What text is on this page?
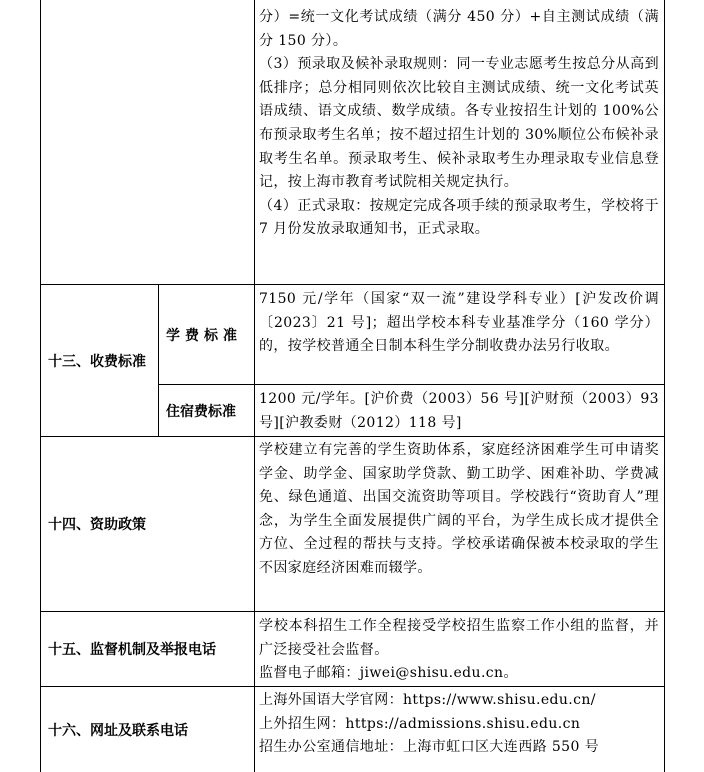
分）=统一文化考试成绩（满分 450 分）+自主测试成绩（满分 150 分）。
（3）预录取及候补录取规则：同一专业志愿考生按总分从高到低排序；总分相同则依次比较自主测试成绩、统一文化考试英语成绩、语文成绩、数学成绩。各专业按招生计划的 100%公布预录取考生名单；按不超过招生计划的 30%顺位公布候补录取考生名单。预录取考生、候补录取考生办理录取专业信息登记，按上海市教育考试院相关规定执行。
（4）正式录取：按规定完成各项手续的预录取考生，学校将于 7 月份发放录取通知书，正式录取。
十三、收费标准
学费标准
7150 元/学年（国家“双一流”建设学科专业）[沪发改价调〔2023〕21 号]；超出学校本科专业基准学分（160 学分）的，按学校普通全日制本科生学分制收费办法另行收取。
住宿费标准
1200 元/学年。[沪价费（2003）56 号][沪财预（2003）93 号][沪教委财（2012）118 号]
十四、资助政策
学校建立有完善的学生资助体系，家庭经济困难学生可申请奖学金、助学金、国家助学贷款、勤工助学、困难补助、学费减免、绿色通道、出国交流资助等项目。学校践行“资助育人”理念，为学生全面发展提供广阔的平台，为学生成长成才提供全方位、全过程的帮扶与支持。学校承诺确保被本校录取的学生不因家庭经济困难而辍学。
十五、监督机制及举报电话

学校本科招生工作全程接受学校招生监察工作小组的监督，并广泛接受社会监督。

监督电子邮箱：jiwei@shisu.edu.cn。

十六、网址及联系电话

上海外国语大学官网：https://www.shisu.edu.cn/

上外招生网：https://admissions.shisu.edu.cn

招生办公室通信地址：上海市虹口区大连西路 550 号
